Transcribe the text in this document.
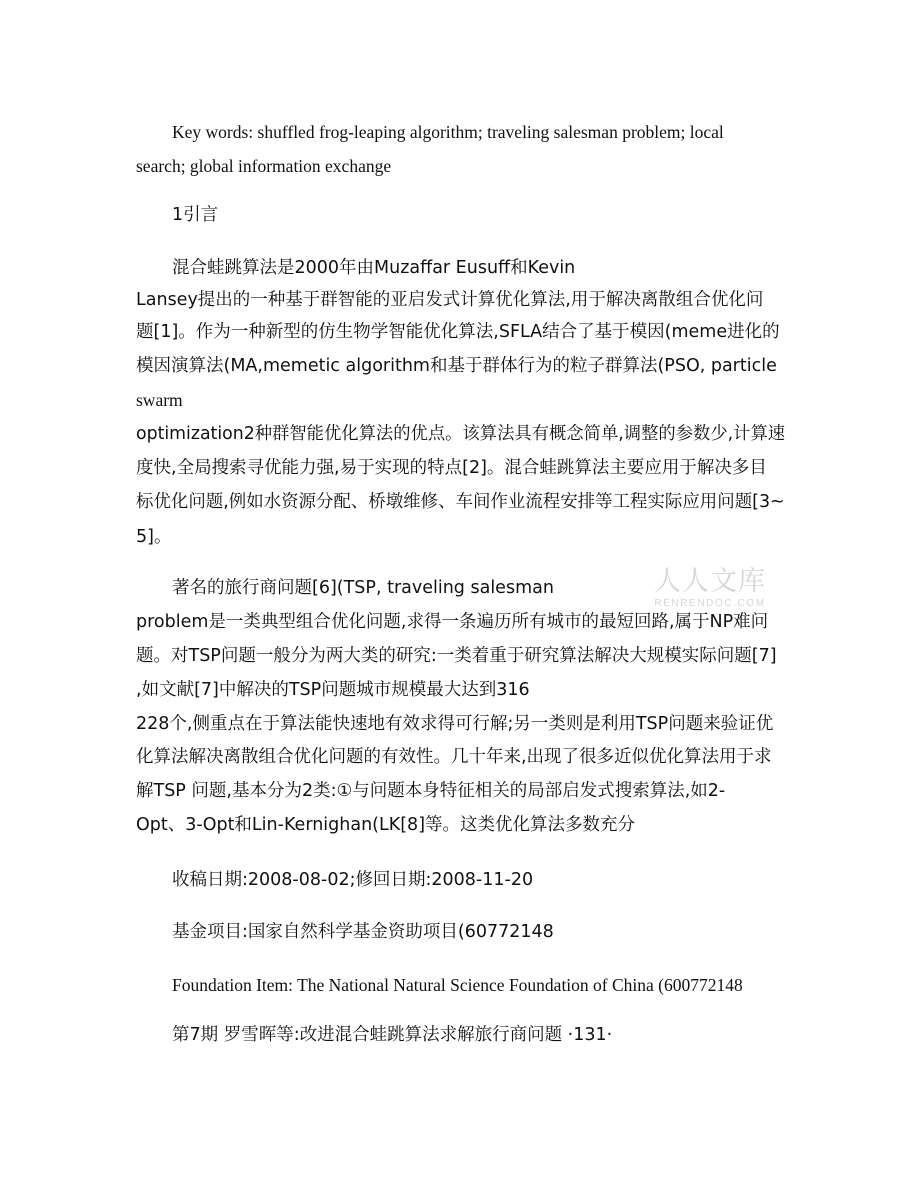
Key words: shuffled frog-leaping algorithm; traveling salesman problem; local
search; global information exchange
1引言
混合蛙跳算法是2000年由Muzaffar Eusuff和Kevin
Lansey提出的一种基于群智能的亚启发式计算优化算法,用于解决离散组合优化问
题[1]。作为一种新型的仿生物学智能优化算法,SFLA结合了基于模因(meme进化的
模因演算法(MA,memetic algorithm和基于群体行为的粒子群算法(PSO, particle
swarm
optimization2种群智能优化算法的优点。该算法具有概念简单,调整的参数少,计算速
度快,全局搜索寻优能力强,易于实现的特点[2]。混合蛙跳算法主要应用于解决多目
标优化问题,例如水资源分配、桥墩维修、车间作业流程安排等工程实际应用问题[3~
5]。
著名的旅行商问题[6](TSP, traveling salesman
problem是一类典型组合优化问题,求得一条遍历所有城市的最短回路,属于NP难问
题。对TSP问题一般分为两大类的研究:一类着重于研究算法解决大规模实际问题[7]
,如文献[7]中解决的TSP问题城市规模最大达到316
228个,侧重点在于算法能快速地有效求得可行解;另一类则是利用TSP问题来验证优
化算法解决离散组合优化问题的有效性。几十年来,出现了很多近似优化算法用于求
解TSP 问题,基本分为2类:①与问题本身特征相关的局部启发式搜索算法,如2-
Opt、3-Opt和Lin-Kernighan(LK[8]等。这类优化算法多数充分
收稿日期:2008-08-02;修回日期:2008-11-20
基金项目:国家自然科学基金资助项目(60772148
Foundation Item: The National Natural Science Foundation of China (600772148
第7期 罗雪晖等:改进混合蛙跳算法求解旅行商问题 ·131·
人人文库
RENRENDOC.COM
